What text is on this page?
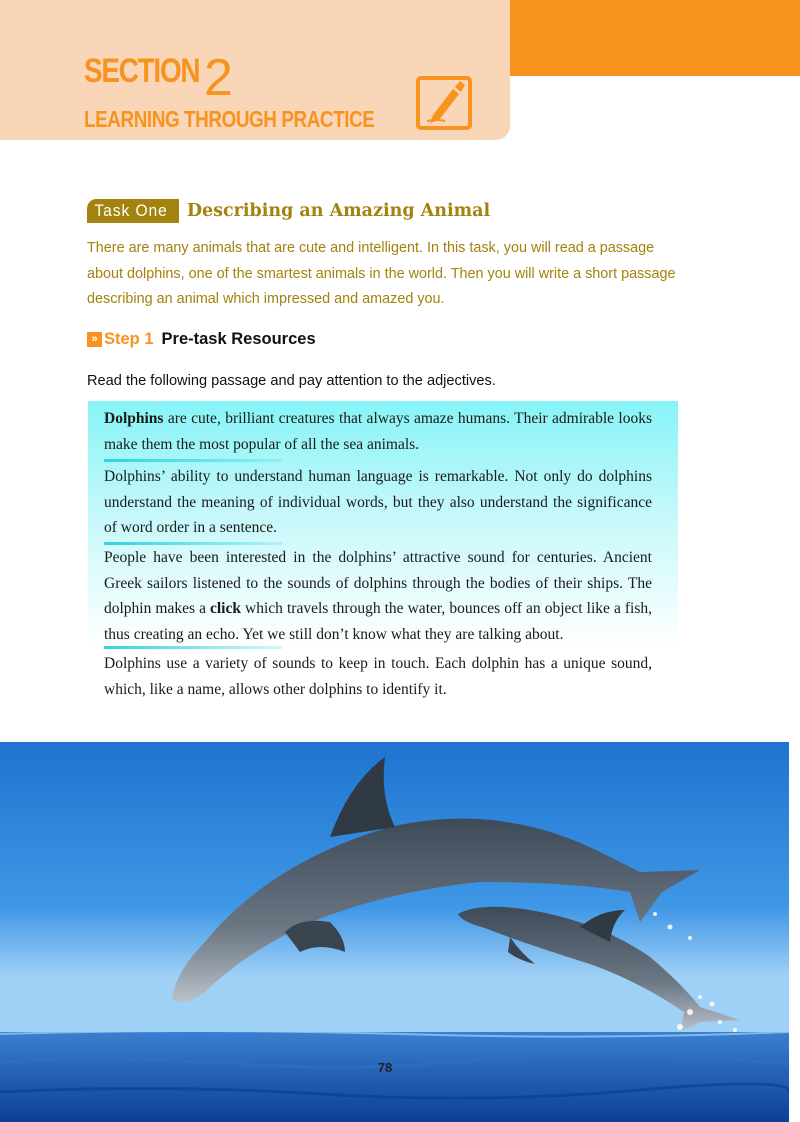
SECTION 2
LEARNING THROUGH PRACTICE
Task One	Describing an Amazing Animal
There are many animals that are cute and intelligent. In this task, you will read a passage about dolphins, one of the smartest animals in the world. Then you will write a short passage describing an animal which impressed and amazed you.
» Step 1 Pre-task Resources
Read the following passage and pay attention to the adjectives.
Dolphins are cute, brilliant creatures that always amaze humans. Their admirable looks make them the most popular of all the sea animals.
Dolphins’ ability to understand human language is remarkable. Not only do dolphins understand the meaning of individual words, but they also understand the significance of word order in a sentence.
People have been interested in the dolphins’ attractive sound for centuries. Ancient Greek sailors listened to the sounds of dolphins through the bodies of their ships. The dolphin makes a click which travels through the water, bounces off an object like a fish, thus creating an echo. Yet we still don’t know what they are talking about.
Dolphins use a variety of sounds to keep in touch. Each dolphin has a unique sound, which, like a name, allows other dolphins to identify it.
78
